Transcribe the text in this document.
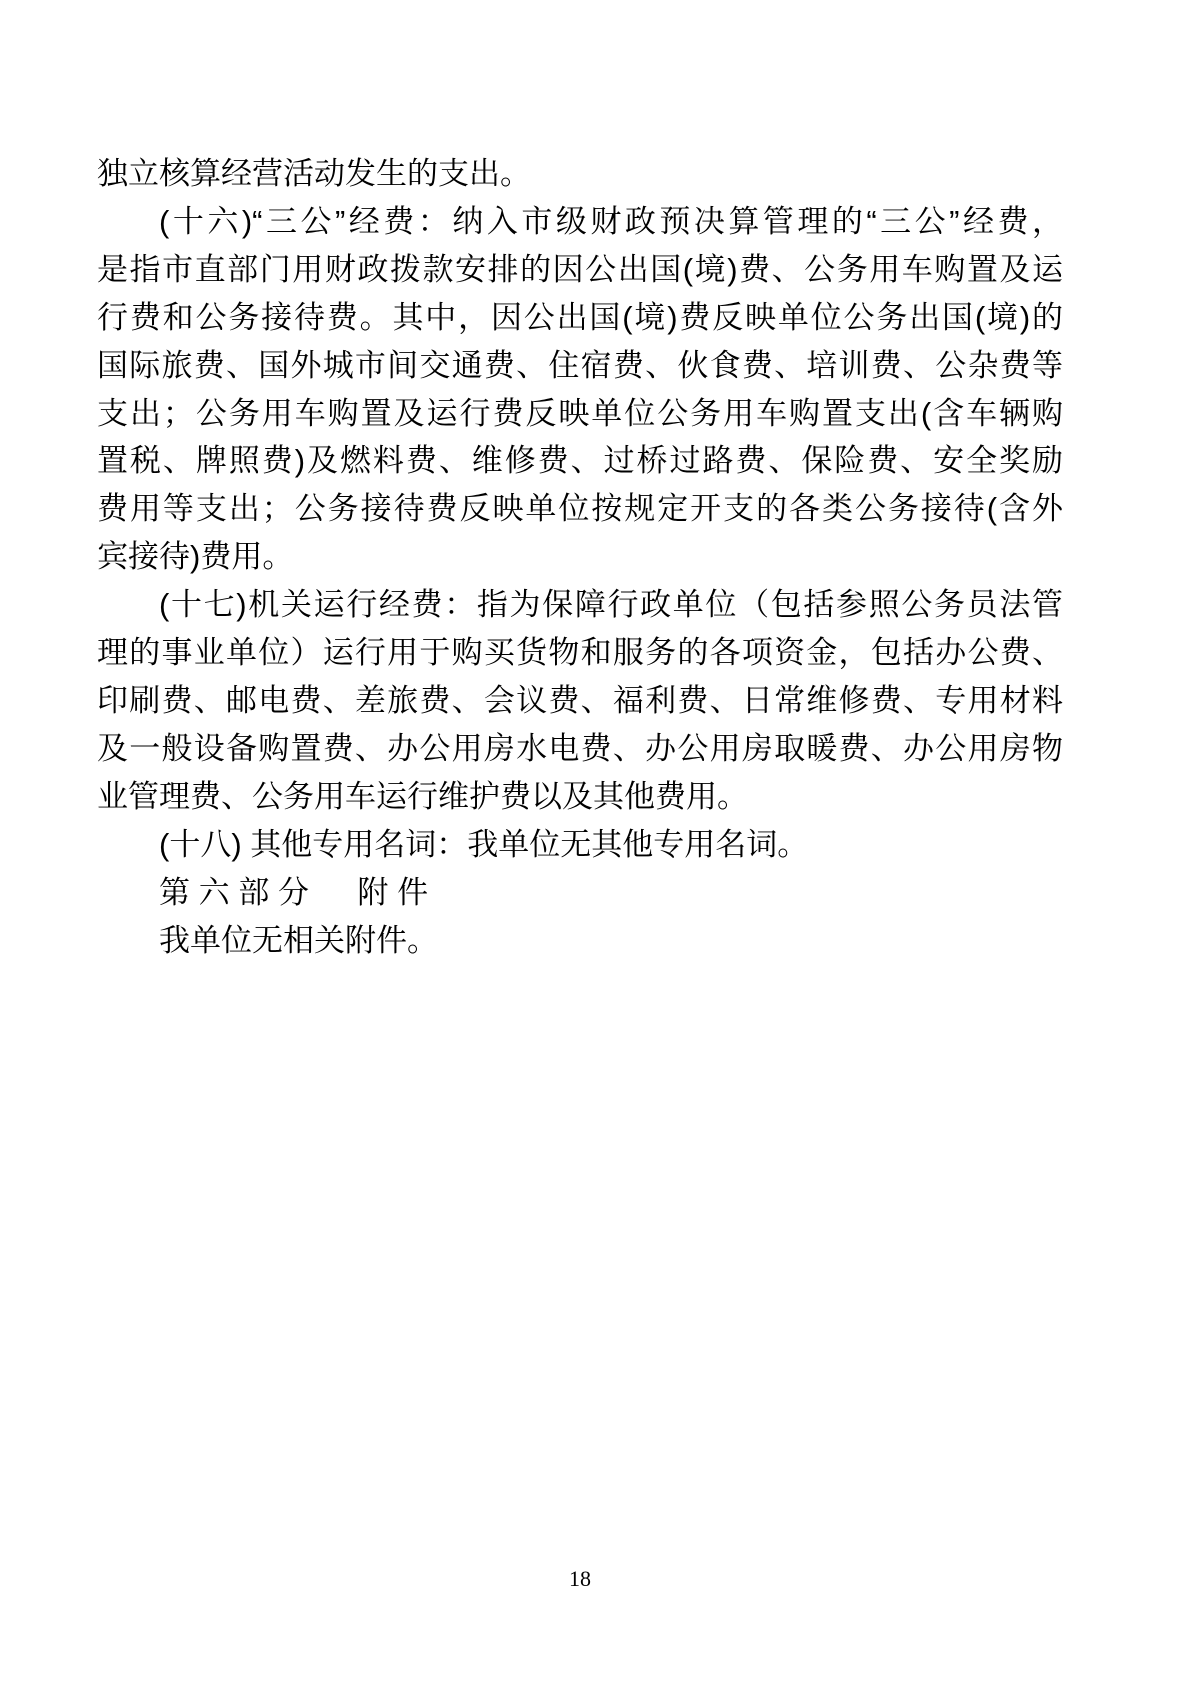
独立核算经营活动发生的支出。
(十六)“三公”经费：纳入市级财政预决算管理的“三公”经费，
是指市直部门用财政拨款安排的因公出国(境)费、公务用车购置及运
行费和公务接待费。其中，因公出国(境)费反映单位公务出国(境)的
国际旅费、国外城市间交通费、住宿费、伙食费、培训费、公杂费等
支出；公务用车购置及运行费反映单位公务用车购置支出(含车辆购
置税、牌照费)及燃料费、维修费、过桥过路费、保险费、安全奖励
费用等支出；公务接待费反映单位按规定开支的各类公务接待(含外
宾接待)费用。
(十七)机关运行经费：指为保障行政单位（包括参照公务员法管
理的事业单位）运行用于购买货物和服务的各项资金，包括办公费、
印刷费、邮电费、差旅费、会议费、福利费、日常维修费、专用材料
及一般设备购置费、办公用房水电费、办公用房取暖费、办公用房物
业管理费、公务用车运行维护费以及其他费用。
(十八) 其他专用名词：我单位无其他专用名词。
第六部分　附件
我单位无相关附件。
18
